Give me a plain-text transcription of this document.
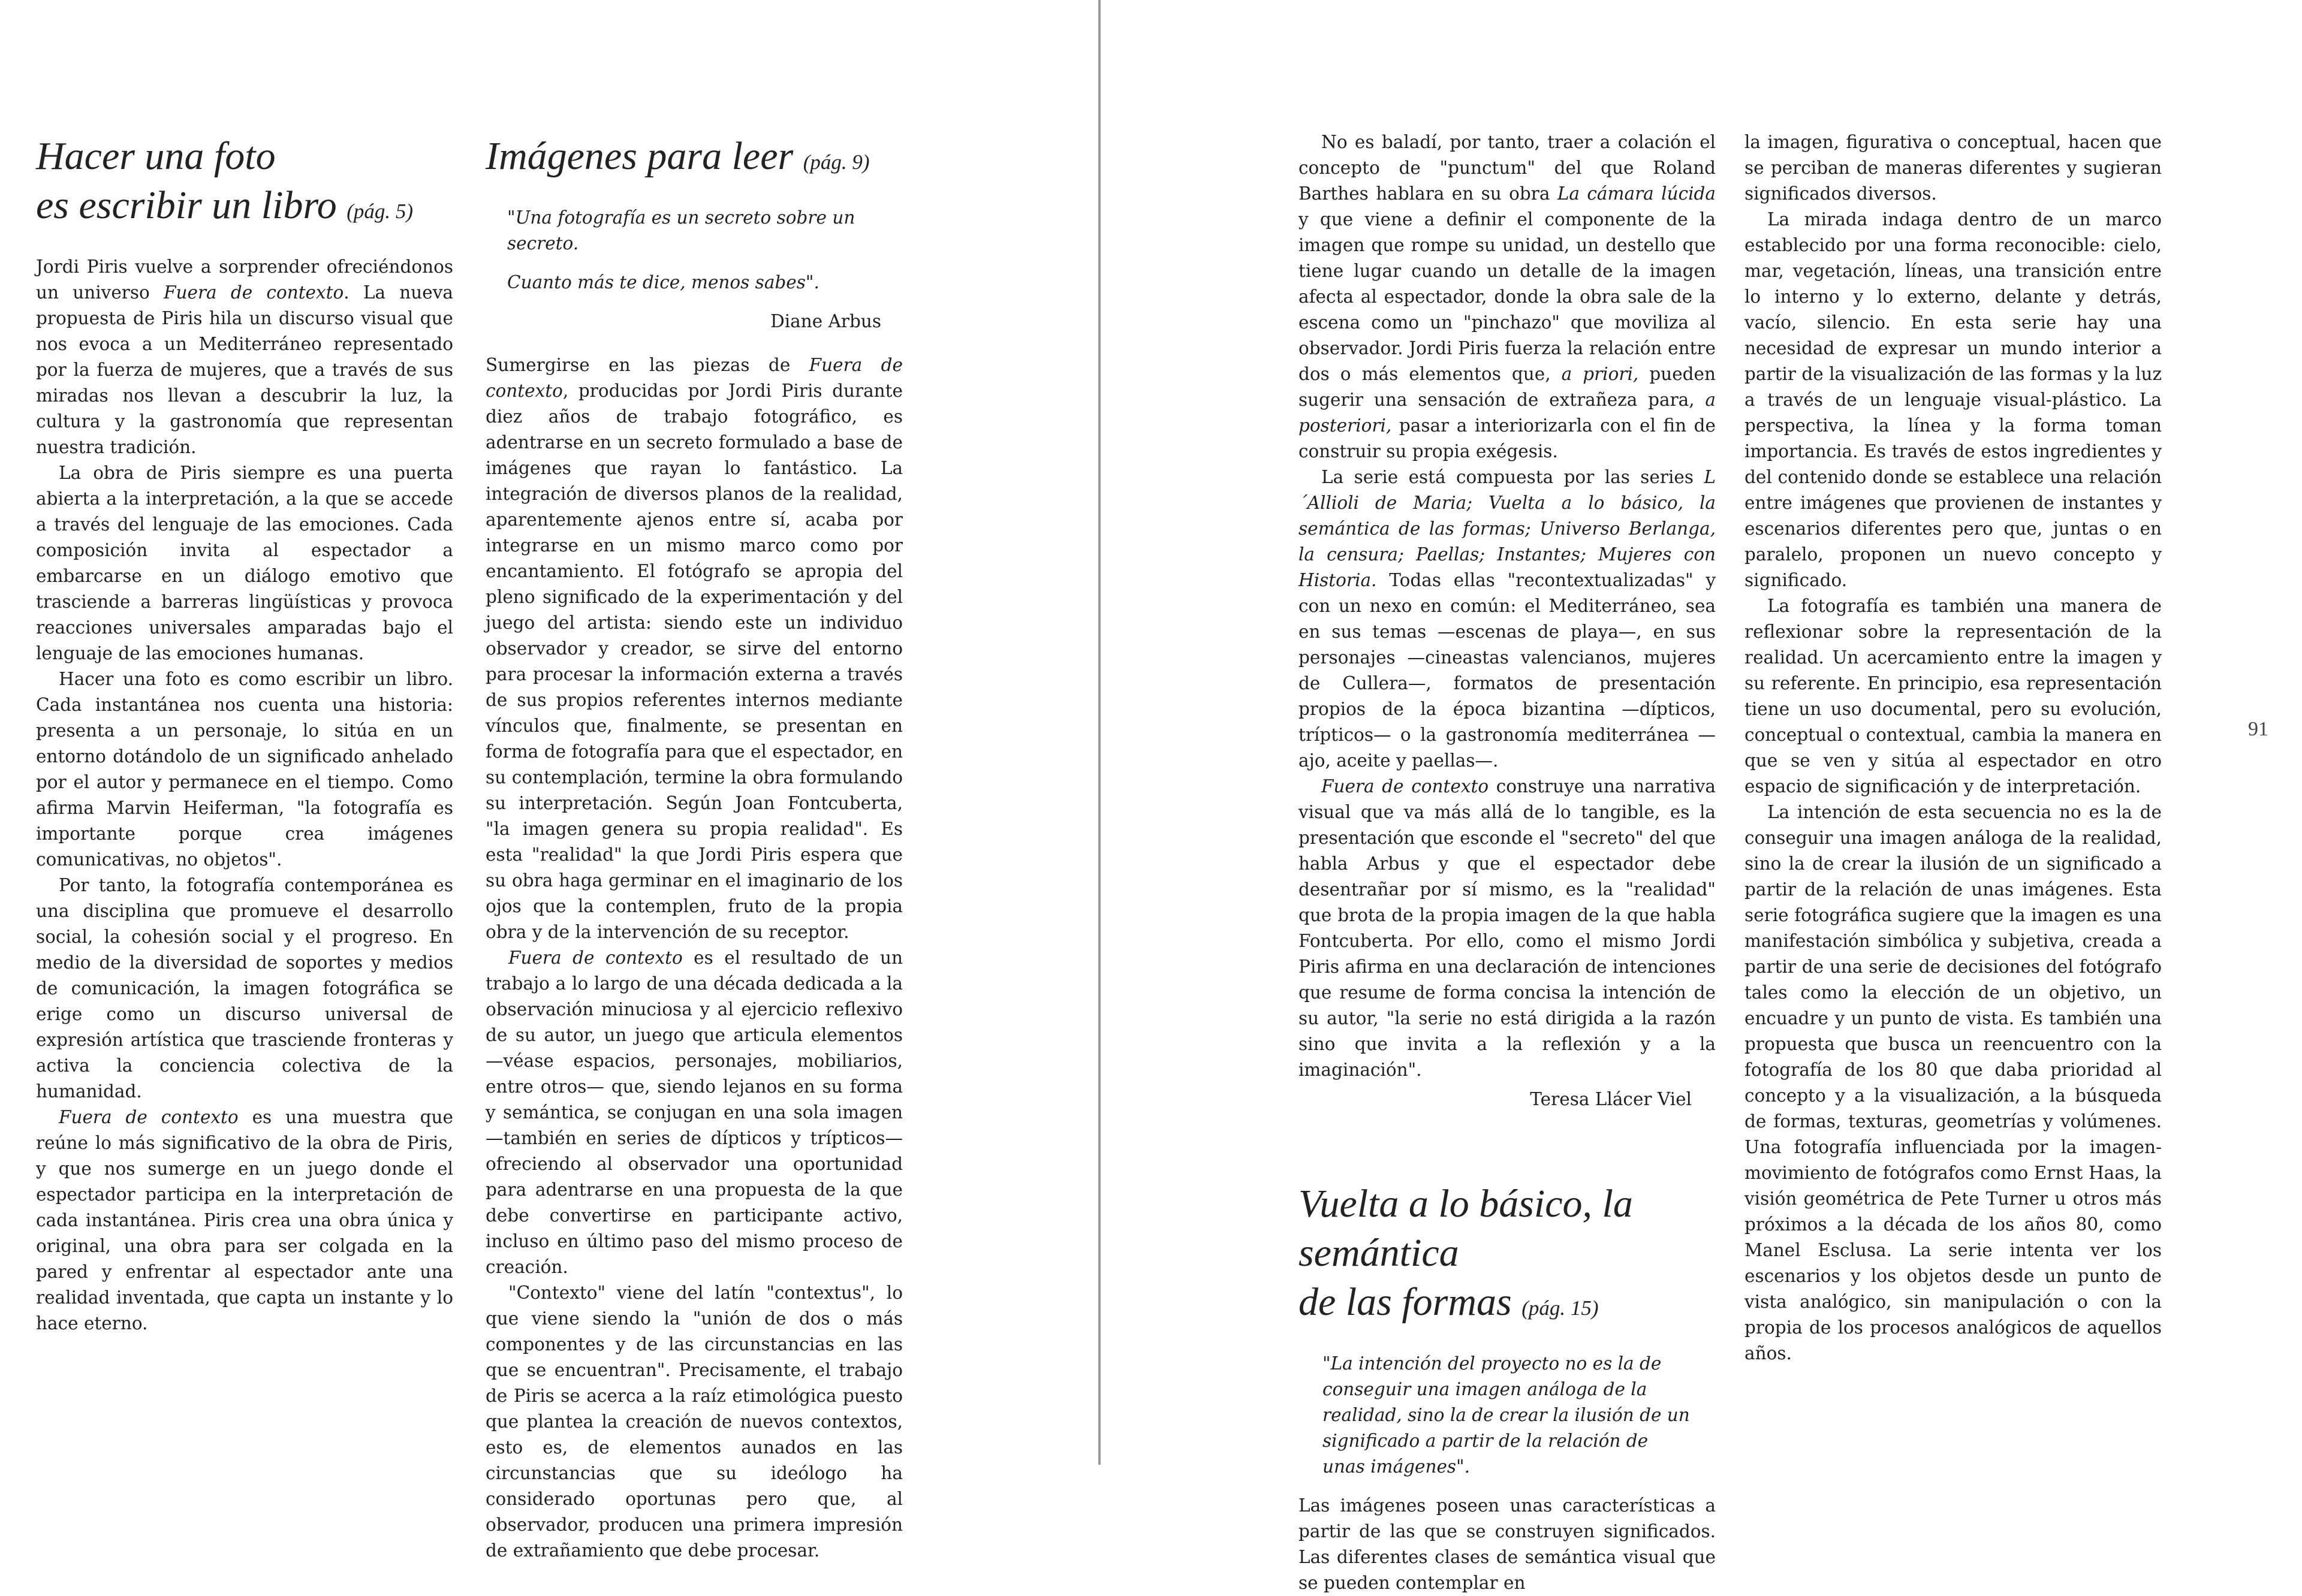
Hacer una foto
es escribir un libro (pág. 5)

Jordi Piris vuelve a sorprender ofreciéndonos un universo Fuera de contexto. La nueva propuesta de Piris hila un discurso visual que nos evoca a un Mediterráneo representado por la fuerza de mujeres, que a través de sus miradas nos llevan a descubrir la luz, la cultura y la gastronomía que representan nuestra tradición.

La obra de Piris siempre es una puerta abierta a la interpretación, a la que se accede a través del lenguaje de las emociones. Cada composición invita al espectador a embarcarse en un diálogo emotivo que trasciende a barreras lingüísticas y provoca reacciones universales amparadas bajo el lenguaje de las emociones humanas.

Hacer una foto es como escribir un libro. Cada instantánea nos cuenta una historia: presenta a un personaje, lo sitúa en un entorno dotándolo de un significado anhelado por el autor y permanece en el tiempo. Como afirma Marvin Heiferman, "la fotografía es importante porque crea imágenes comunicativas, no objetos".

Por tanto, la fotografía contemporánea es una disciplina que promueve el desarrollo social, la cohesión social y el progreso. En medio de la diversidad de soportes y medios de comunicación, la imagen fotográfica se erige como un discurso universal de expresión artística que trasciende fronteras y activa la conciencia colectiva de la humanidad.

Fuera de contexto es una muestra que reúne lo más significativo de la obra de Piris, y que nos sumerge en un juego donde el espectador participa en la interpretación de cada instantánea. Piris crea una obra única y original, una obra para ser colgada en la pared y enfrentar al espectador ante una realidad inventada, que capta un instante y lo hace eterno.

Imágenes para leer (pág. 9)

"Una fotografía es un secreto sobre un secreto.

Cuanto más te dice, menos sabes".

Diane Arbus

Sumergirse en las piezas de Fuera de contexto, producidas por Jordi Piris durante diez años de trabajo fotográfico, es adentrarse en un secreto formulado a base de imágenes que rayan lo fantástico. La integración de diversos planos de la realidad, aparentemente ajenos entre sí, acaba por integrarse en un mismo marco como por encantamiento. El fotógrafo se apropia del pleno significado de la experimentación y del juego del artista: siendo este un individuo observador y creador, se sirve del entorno para procesar la información externa a través de sus propios referentes internos mediante vínculos que, finalmente, se presentan en forma de fotografía para que el espectador, en su contemplación, termine la obra formulando su interpretación. Según Joan Fontcuberta, "la imagen genera su propia realidad". Es esta "realidad" la que Jordi Piris espera que su obra haga germinar en el imaginario de los ojos que la contemplen, fruto de la propia obra y de la intervención de su receptor.

Fuera de contexto es el resultado de un trabajo a lo largo de una década dedicada a la observación minuciosa y al ejercicio reflexivo de su autor, un juego que articula elementos —véase espacios, personajes, mobiliarios, entre otros— que, siendo lejanos en su forma y semántica, se conjugan en una sola imagen —también en series de dípticos y trípticos— ofreciendo al observador una oportunidad para adentrarse en una propuesta de la que debe convertirse en participante activo, incluso en último paso del mismo proceso de creación.

"Contexto" viene del latín "contextus", lo que viene siendo la "unión de dos o más componentes y de las circunstancias en las que se encuentran". Precisamente, el trabajo de Piris se acerca a la raíz etimológica puesto que plantea la creación de nuevos contextos, esto es, de elementos aunados en las circunstancias que su ideólogo ha considerado oportunas pero que, al observador, producen una primera impresión de extrañamiento que debe procesar.

No es baladí, por tanto, traer a colación el concepto de "punctum" del que Roland Barthes hablara en su obra La cámara lúcida y que viene a definir el componente de la imagen que rompe su unidad, un destello que tiene lugar cuando un detalle de la imagen afecta al espectador, donde la obra sale de la escena como un "pinchazo" que moviliza al observador. Jordi Piris fuerza la relación entre dos o más elementos que, a priori, pueden sugerir una sensación de extrañeza para, a posteriori, pasar a interiorizarla con el fin de construir su propia exégesis.

La serie está compuesta por las series L´Allioli de Maria; Vuelta a lo básico, la semántica de las formas; Universo Berlanga, la censura; Paellas; Instantes; Mujeres con Historia. Todas ellas "recontextualizadas" y con un nexo en común: el Mediterráneo, sea en sus temas —escenas de playa—, en sus personajes —cineastas valencianos, mujeres de Cullera—, formatos de presentación propios de la época bizantina —dípticos, trípticos— o la gastronomía mediterránea —ajo, aceite y paellas—.

Fuera de contexto construye una narrativa visual que va más allá de lo tangible, es la presentación que esconde el "secreto" del que habla Arbus y que el espectador debe desentrañar por sí mismo, es la "realidad" que brota de la propia imagen de la que habla Fontcuberta. Por ello, como el mismo Jordi Piris afirma en una declaración de intenciones que resume de forma concisa la intención de su autor, "la serie no está dirigida a la razón sino que invita a la reflexión y a la imaginación".

Teresa Llácer Viel

Vuelta a lo básico, la semántica
de las formas (pág. 15)

"La intención del proyecto no es la de conseguir una imagen análoga de la realidad, sino la de crear la ilusión de un significado a partir de la relación de unas imágenes".

Las imágenes poseen unas características a partir de las que se construyen significados. Las diferentes clases de semántica visual que se pueden contemplar en

la imagen, figurativa o conceptual, hacen que se perciban de maneras diferentes y sugieran significados diversos.

La mirada indaga dentro de un marco establecido por una forma reconocible: cielo, mar, vegetación, líneas, una transición entre lo interno y lo externo, delante y detrás, vacío, silencio. En esta serie hay una necesidad de expresar un mundo interior a partir de la visualización de las formas y la luz a través de un lenguaje visual-plástico. La perspectiva, la línea y la forma toman importancia. Es través de estos ingredientes y del contenido donde se establece una relación entre imágenes que provienen de instantes y escenarios diferentes pero que, juntas o en paralelo, proponen un nuevo concepto y significado.

La fotografía es también una manera de reflexionar sobre la representación de la realidad. Un acercamiento entre la imagen y su referente. En principio, esa representación tiene un uso documental, pero su evolución, conceptual o contextual, cambia la manera en que se ven y sitúa al espectador en otro espacio de significación y de interpretación.

La intención de esta secuencia no es la de conseguir una imagen análoga de la realidad, sino la de crear la ilusión de un significado a partir de la relación de unas imágenes. Esta serie fotográfica sugiere que la imagen es una manifestación simbólica y subjetiva, creada a partir de una serie de decisiones del fotógrafo tales como la elección de un objetivo, un encuadre y un punto de vista. Es también una propuesta que busca un reencuentro con la fotografía de los 80 que daba prioridad al concepto y a la visualización, a la búsqueda de formas, texturas, geometrías y volúmenes. Una fotografía influenciada por la imagen-movimiento de fotógrafos como Ernst Haas, la visión geométrica de Pete Turner u otros más próximos a la década de los años 80, como Manel Esclusa. La serie intenta ver los escenarios y los objetos desde un punto de vista analógico, sin manipulación o con la propia de los procesos analógicos de aquellos años.

91
